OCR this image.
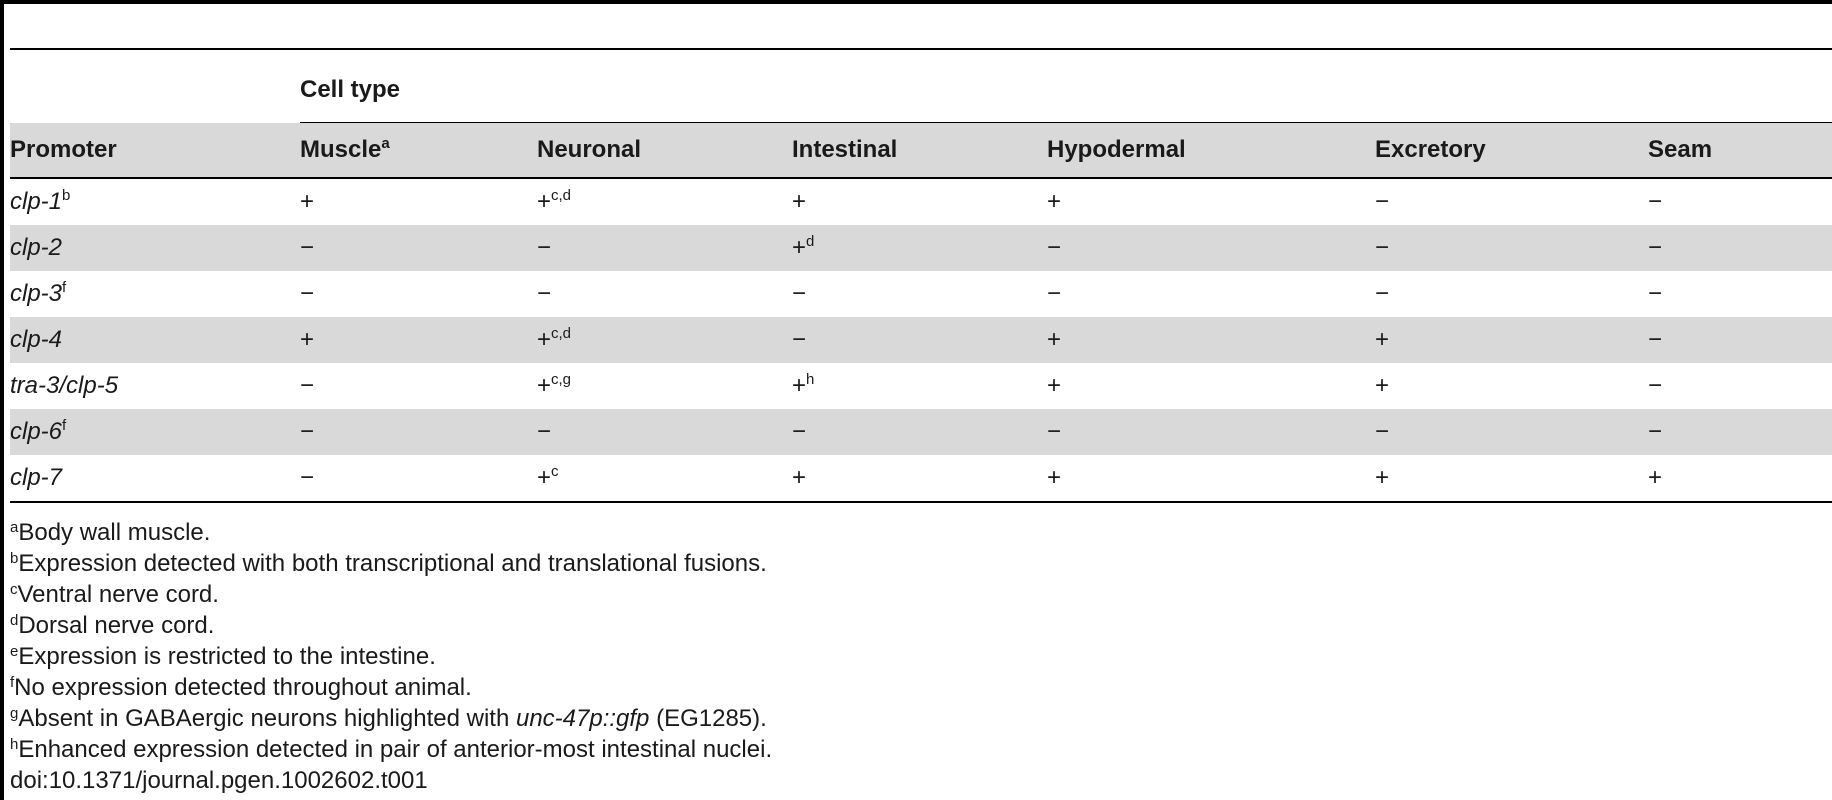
	Cell type					
Promoter	Muscle$^a$	Neuronal	Intestinal	Hypodermal	Excretory	Seam
clp-$1^b$	+	+$^{c,d}$	+	+	−	−
clp-2	−	−	+$^d$	−	−	−
clp-$3^f$	−	−	−	−	−	−
clp-4	+	+$^{c,d}$	−	+	+	−
tra-3/clp-5	−	+$^{c,g}$	+$^h$	+	+	−
clp-$6^f$	−	−	−	−	−	−
clp-7	−	+$^c$	+	+	+	+
$^a$Body wall muscle.
$^b$Expression detected with both transcriptional and translational fusions.
$^c$Ventral nerve cord.
$^d$Dorsal nerve cord.
$^e$Expression is restricted to the intestine.
$^f$No expression detected throughout animal.
$^g$Absent in GABAergic neurons highlighted with unc-47p::gfp (EG1285).
$^h$Enhanced expression detected in pair of anterior-most intestinal nuclei.
doi:10.1371/journal.pgen.1002602.t001
